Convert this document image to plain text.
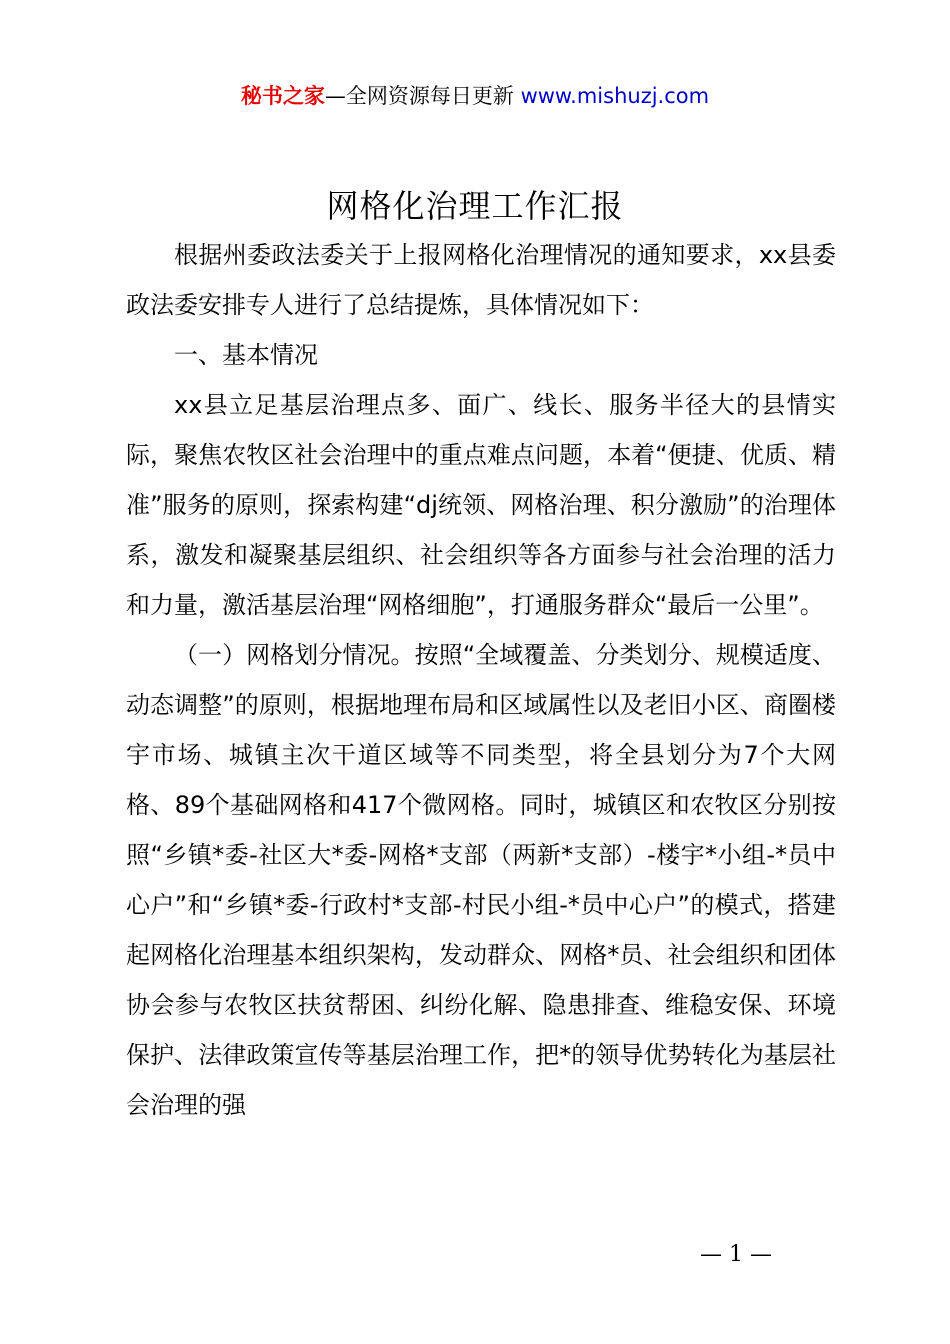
秘书之家—全网资源每日更新 www.mishuzj.com
网格化治理工作汇报

根据州委政法委关于上报网格化治理情况的通知要求，xx县委政法委安排专人进行了总结提炼，具体情况如下：

一、基本情况

xx县立足基层治理点多、面广、线长、服务半径大的县情实际，聚焦农牧区社会治理中的重点难点问题，本着“便捷、优质、精准”服务的原则，探索构建“dj统领、网格治理、积分激励”的治理体系，激发和凝聚基层组织、社会组织等各方面参与社会治理的活力和力量，激活基层治理“网格细胞”，打通服务群众“最后一公里”。

（一）网格划分情况。按照“全域覆盖、分类划分、规模适度、动态调整”的原则，根据地理布局和区域属性以及老旧小区、商圈楼宇市场、城镇主次干道区域等不同类型，将全县划分为7个大网格、89个基础网格和417个微网格。同时，城镇区和农牧区分别按照“乡镇*委-社区大*委-网格*支部（两新*支部）-楼宇*小组-*员中心户”和“乡镇*委-行政村*支部-村民小组-*员中心户”的模式，搭建起网格化治理基本组织架构，发动群众、网格*员、社会组织和团体协会参与农牧区扶贫帮困、纠纷化解、隐患排查、维稳安保、环境保护、法律政策宣传等基层治理工作，把*的领导优势转化为基层社会治理的强

— 1 —
